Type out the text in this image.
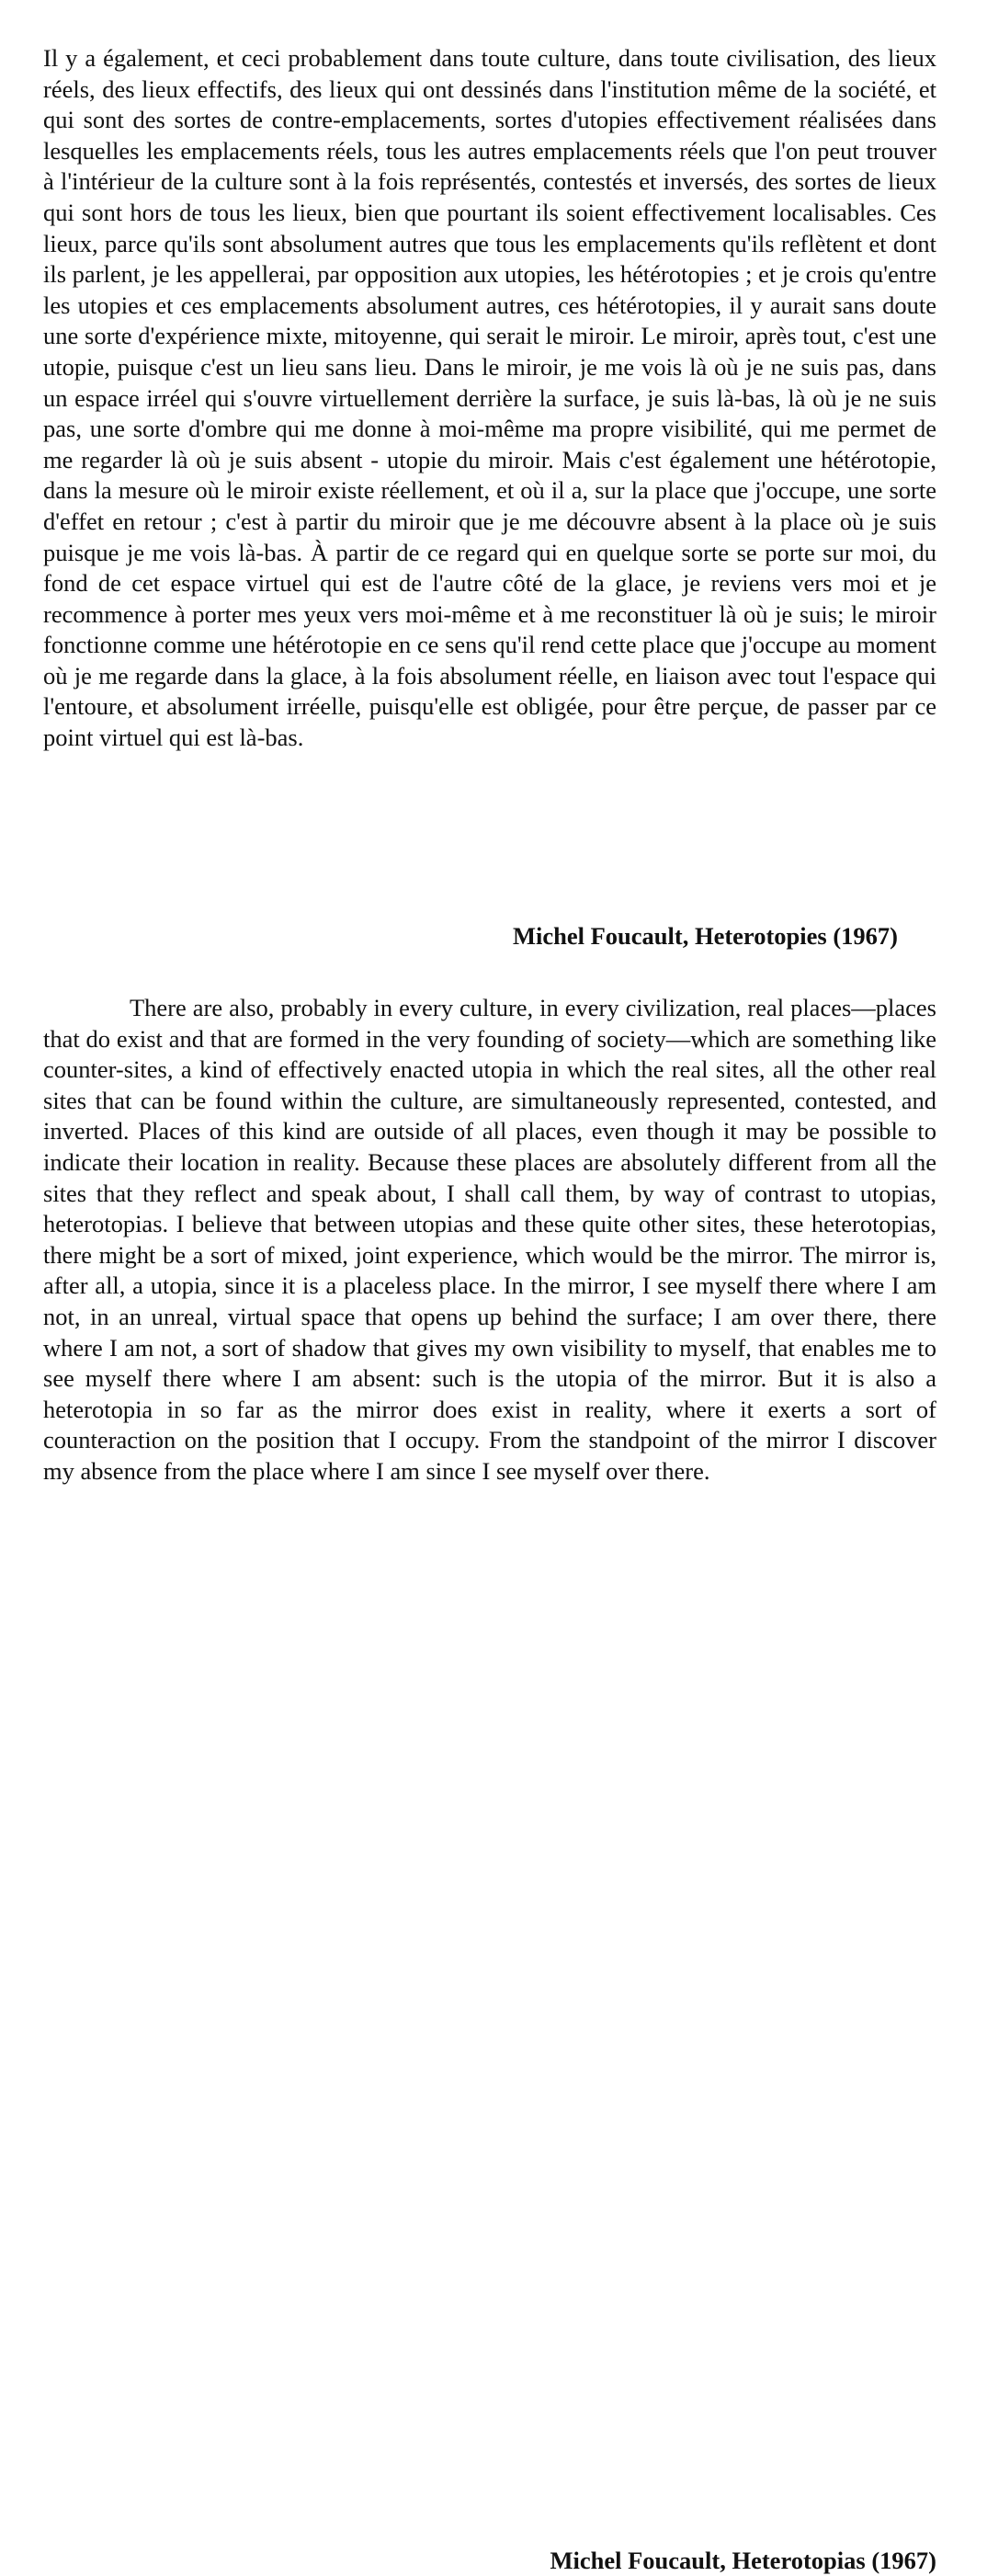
Il y a également, et ceci probablement dans toute culture, dans toute civilisation, des lieux réels, des lieux effectifs, des lieux qui ont dessinés dans l'institution même de la société, et qui sont des sortes de contre-emplacements, sortes d'utopies effectivement réalisées dans lesquelles les emplacements réels, tous les autres emplacements réels que l'on peut trouver à l'intérieur de la culture sont à la fois représentés, contestés et inversés, des sortes de lieux qui sont hors de tous les lieux, bien que pourtant ils soient effectivement localisables. Ces lieux, parce qu'ils sont absolument autres que tous les emplacements qu'ils reflètent et dont ils parlent, je les appellerai, par opposition aux utopies, les hétérotopies ; et je crois qu'entre les utopies et ces emplacements absolument autres, ces hétérotopies, il y aurait sans doute une sorte d'expérience mixte, mitoyenne, qui serait le miroir. Le miroir, après tout, c'est une utopie, puisque c'est un lieu sans lieu. Dans le miroir, je me vois là où je ne suis pas, dans un espace irréel qui s'ouvre virtuellement derrière la surface, je suis là-bas, là où je ne suis pas, une sorte d'ombre qui me donne à moi-même ma propre visibilité, qui me permet de me regarder là où je suis absent - utopie du miroir. Mais c'est également une hétérotopie, dans la mesure où le miroir existe réellement, et où il a, sur la place que j'occupe, une sorte d'effet en retour ; c'est à partir du miroir que je me découvre absent à la place où je suis puisque je me vois là-bas. À partir de ce regard qui en quelque sorte se porte sur moi, du fond de cet espace virtuel qui est de l'autre côté de la glace, je reviens vers moi et je recommence à porter mes yeux vers moi-même et à me reconstituer là où je suis; le miroir fonctionne comme une hétérotopie en ce sens qu'il rend cette place que j'occupe au moment où je me regarde dans la glace, à la fois absolument réelle, en liaison avec tout l'espace qui l'entoure, et absolument irréelle, puisqu'elle est obligée, pour être perçue, de passer par ce point virtuel qui est là-bas.

Michel Foucault, Heterotopies (1967)

There are also, probably in every culture, in every civilization, real places—places that do exist and that are formed in the very founding of society—which are something like counter-sites, a kind of effectively enacted utopia in which the real sites, all the other real sites that can be found within the culture, are simultaneously represented, contested, and inverted. Places of this kind are outside of all places, even though it may be possible to indicate their location in reality. Because these places are absolutely different from all the sites that they reflect and speak about, I shall call them, by way of contrast to utopias, heterotopias. I believe that between utopias and these quite other sites, these heterotopias, there might be a sort of mixed, joint experience, which would be the mirror. The mirror is, after all, a utopia, since it is a placeless place. In the mirror, I see myself there where I am not, in an unreal, virtual space that opens up behind the surface; I am over there, there where I am not, a sort of shadow that gives my own visibility to myself, that enables me to see myself there where I am absent: such is the utopia of the mirror. But it is also a heterotopia in so far as the mirror does exist in reality, where it exerts a sort of counteraction on the position that I occupy. From the standpoint of the mirror I discover my absence from the place where I am since I see myself over there.

Michel Foucault, Heterotopias (1967)
